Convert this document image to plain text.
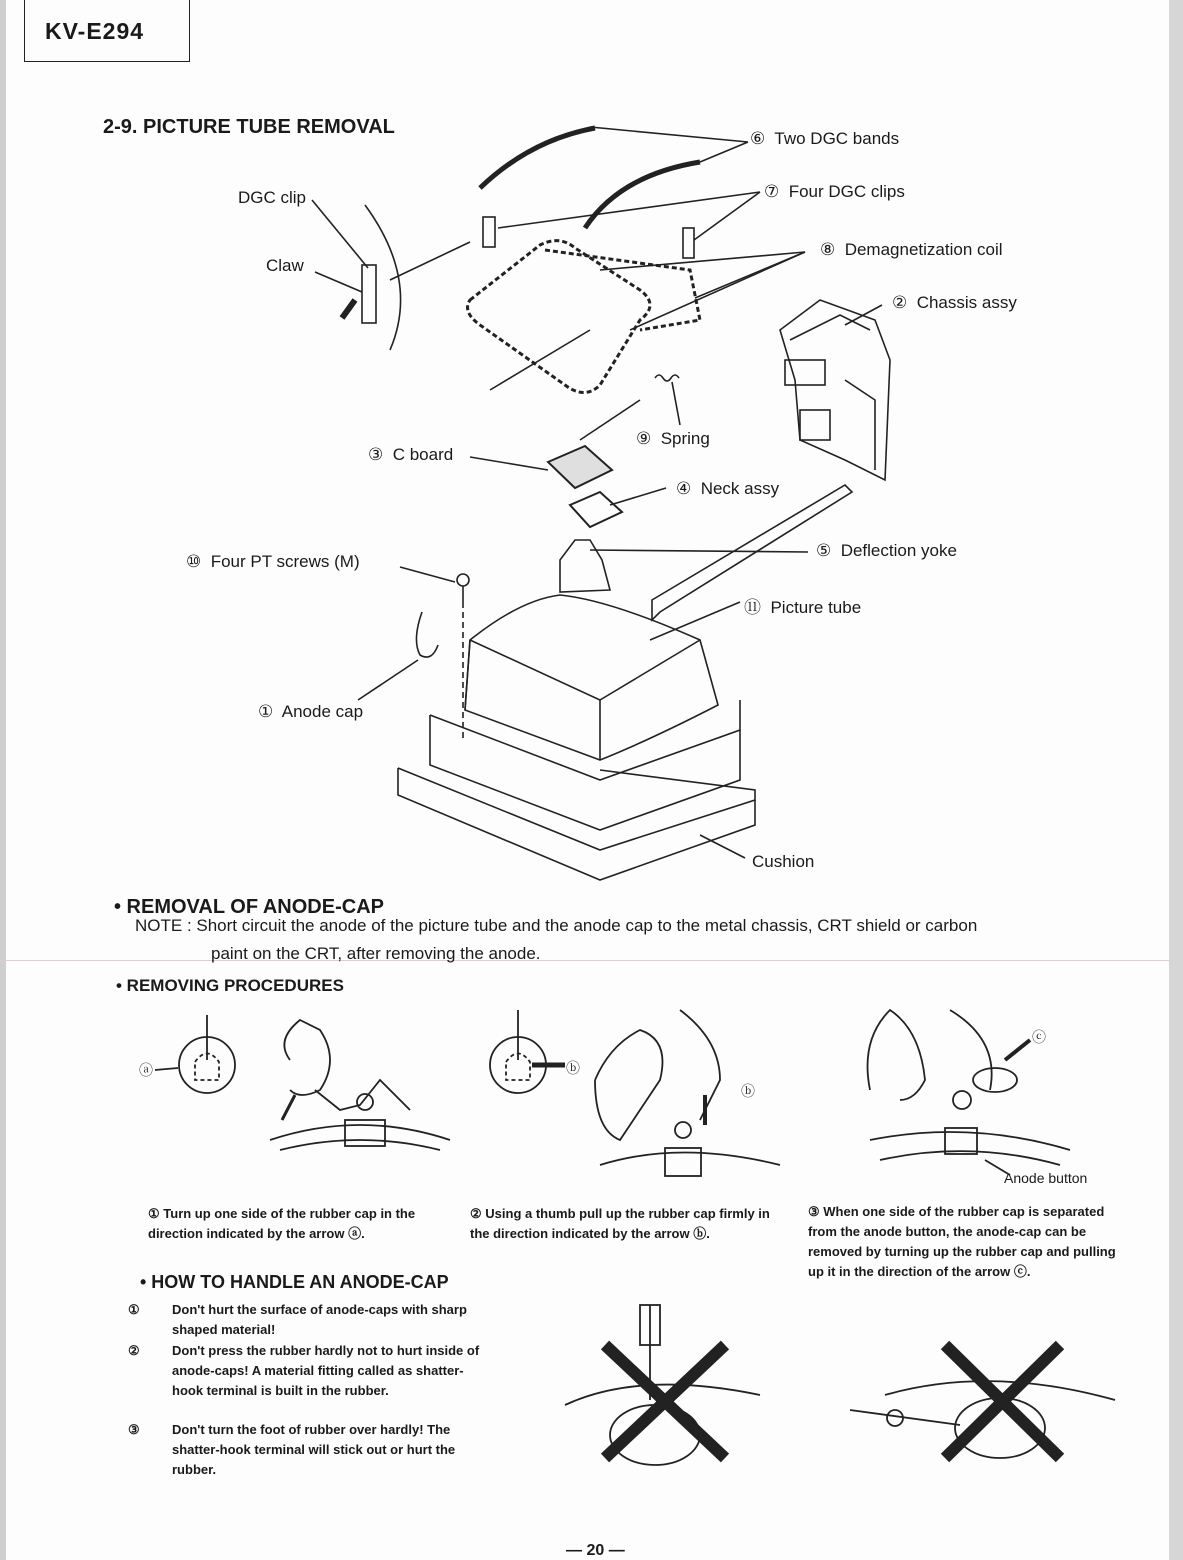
KV-E294
2-9. PICTURE TUBE REMOVAL
⑥ Two DGC bands
⑦ Four DGC clips
⑧ Demagnetization coil
② Chassis assy
⑨ Spring
③ C board
④ Neck assy
⑩ Four PT screws (M)
⑤ Deflection yoke
⑪ Picture tube
① Anode cap
DGC clip
Claw
Cushion
• REMOVAL OF ANODE-CAP
NOTE : Short circuit the anode of the picture tube and the anode cap to the metal chassis, CRT shield or carbon
paint on the CRT, after removing the anode.
• REMOVING PROCEDURES
ⓐ	ⓑ
ⓑ
ⓒ
Anode button
① Turn up one side of the rubber cap in the direction indicated by the arrow ⓐ.
② Using a thumb pull up the rubber cap firmly in the direction indicated by the arrow ⓑ.
③ When one side of the rubber cap is separated from the anode button, the anode-cap can be removed by turning up the rubber cap and pulling up it in the direction of the arrow ⓒ.
• HOW TO HANDLE AN ANODE-CAP
① Don't hurt the surface of anode-caps with sharp shaped material!
② Don't press the rubber hardly not to hurt inside of anode-caps! A material fitting called as shatter-hook terminal is built in the rubber.
③ Don't turn the foot of rubber over hardly! The shatter-hook terminal will stick out or hurt the rubber.
— 20 —
